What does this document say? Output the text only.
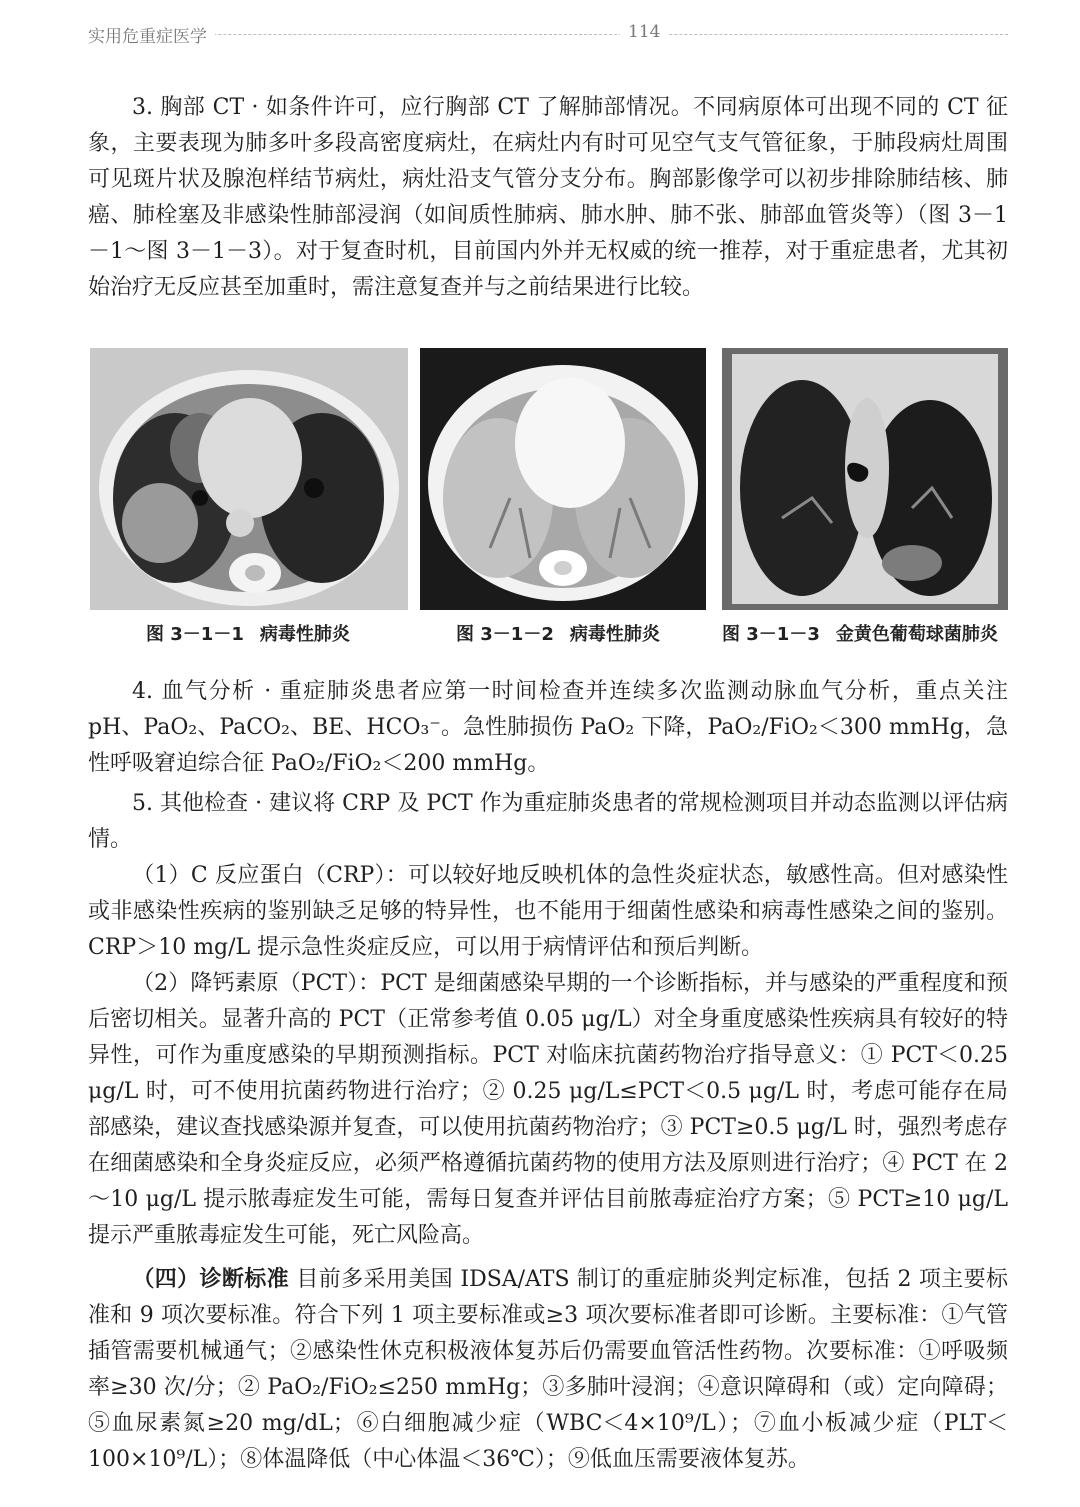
实用危重症医学	114

3. 胸部 CT · 如条件许可，应行胸部 CT 了解肺部情况。不同病原体可出现不同的 CT 征象，主要表现为肺多叶多段高密度病灶，在病灶内有时可见空气支气管征象，于肺段病灶周围可见斑片状及腺泡样结节病灶，病灶沿支气管分支分布。胸部影像学可以初步排除肺结核、肺癌、肺栓塞及非感染性肺部浸润（如间质性肺病、肺水肿、肺不张、肺部血管炎等）（图 3－1－1～图 3－1－3）。对于复查时机，目前国内外并无权威的统一推荐，对于重症患者，尤其初始治疗无反应甚至加重时，需注意复查并与之前结果进行比较。

图 3－1－1 病毒性肺炎	图 3－1－2 病毒性肺炎	图 3－1－3 金黄色葡萄球菌肺炎

4. 血气分析 · 重症肺炎患者应第一时间检查并连续多次监测动脉血气分析，重点关注 pH、PaO₂、PaCO₂、BE、HCO₃⁻。急性肺损伤 PaO₂ 下降，PaO₂/FiO₂＜300 mmHg，急性呼吸窘迫综合征 PaO₂/FiO₂＜200 mmHg。

5. 其他检查 · 建议将 CRP 及 PCT 作为重症肺炎患者的常规检测项目并动态监测以评估病情。

（1）C 反应蛋白（CRP）：可以较好地反映机体的急性炎症状态，敏感性高。但对感染性或非感染性疾病的鉴别缺乏足够的特异性，也不能用于细菌性感染和病毒性感染之间的鉴别。CRP＞10 mg/L 提示急性炎症反应，可以用于病情评估和预后判断。

（2）降钙素原（PCT）：PCT 是细菌感染早期的一个诊断指标，并与感染的严重程度和预后密切相关。显著升高的 PCT（正常参考值 0.05 μg/L）对全身重度感染性疾病具有较好的特异性，可作为重度感染的早期预测指标。PCT 对临床抗菌药物治疗指导意义：① PCT＜0.25 μg/L 时，可不使用抗菌药物进行治疗；② 0.25 μg/L≤PCT＜0.5 μg/L 时，考虑可能存在局部感染，建议查找感染源并复查，可以使用抗菌药物治疗；③ PCT≥0.5 μg/L 时，强烈考虑存在细菌感染和全身炎症反应，必须严格遵循抗菌药物的使用方法及原则进行治疗；④ PCT 在 2～10 μg/L 提示脓毒症发生可能，需每日复查并评估目前脓毒症治疗方案；⑤ PCT≥10 μg/L 提示严重脓毒症发生可能，死亡风险高。

（四）诊断标准 目前多采用美国 IDSA/ATS 制订的重症肺炎判定标准，包括 2 项主要标准和 9 项次要标准。符合下列 1 项主要标准或≥3 项次要标准者即可诊断。主要标准：①气管插管需要机械通气；②感染性休克积极液体复苏后仍需要血管活性药物。次要标准：①呼吸频率≥30 次/分；② PaO₂/FiO₂≤250 mmHg；③多肺叶浸润；④意识障碍和（或）定向障碍；⑤血尿素氮≥20 mg/dL；⑥白细胞减少症（WBC＜4×10⁹/L）；⑦血小板减少症（PLT＜100×10⁹/L）；⑧体温降低（中心体温＜36℃）；⑨低血压需要液体复苏。
